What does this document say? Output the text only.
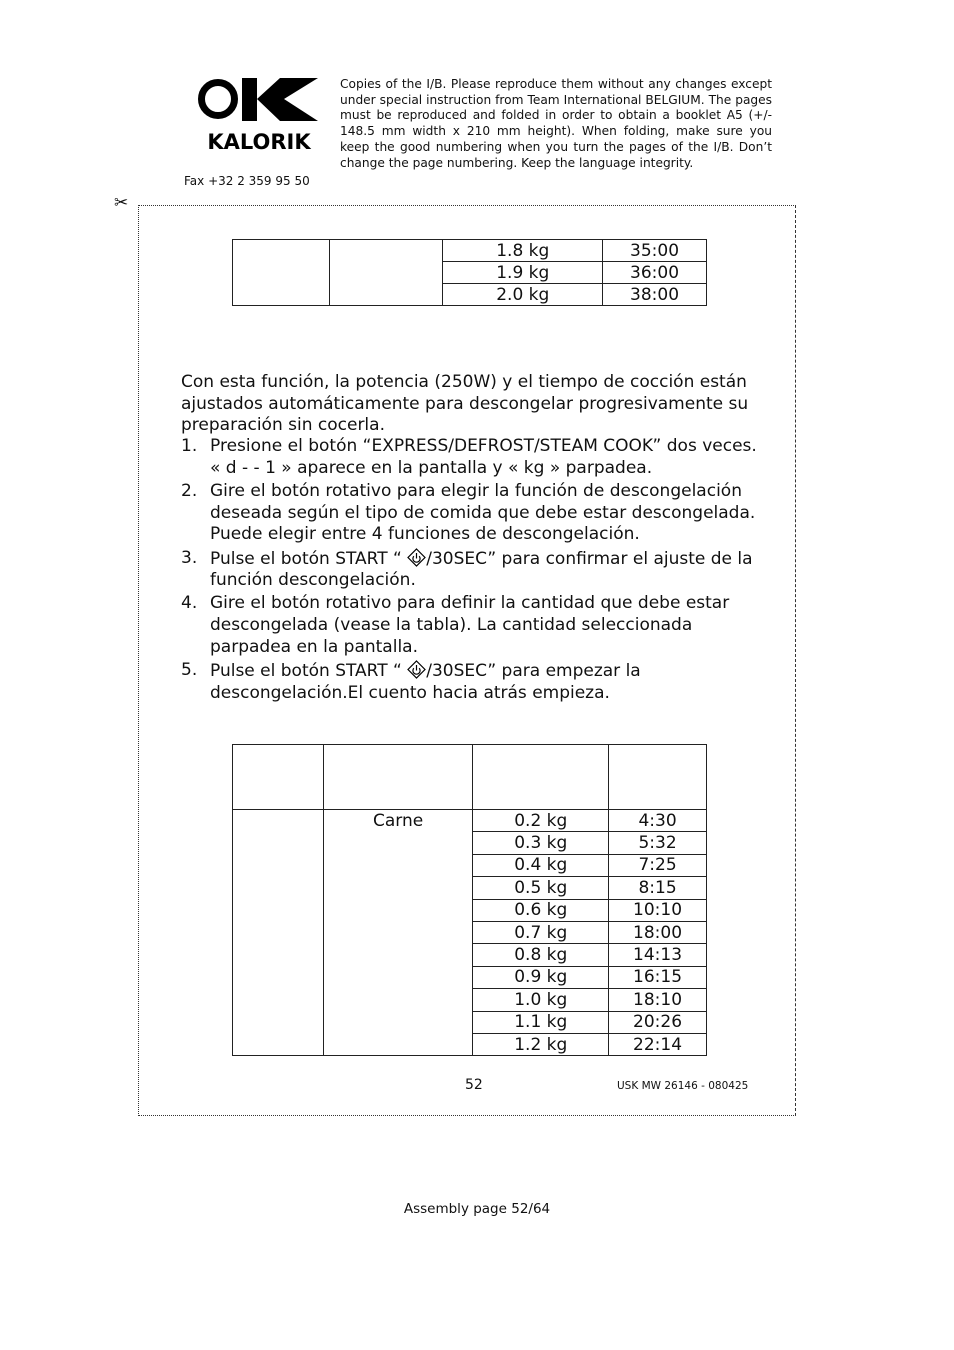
KALORIK
Fax +32 2 359 95 50
Copies of the I/B. Please reproduce them without any changes except under special instruction from Team International BELGIUM. The pages must be reproduced and folded in order to obtain a booklet A5 (+/- 148.5 mm width x 210 mm height). When folding, make sure you keep the good numbering when you turn the pages of the I/B. Don’t change the page numbering. Keep the language integrity.
✂
		1.8 kg	35:00
		1.9 kg	36:00
		2.0 kg	38:00
Con esta función, la potencia (250W) y el tiempo de cocción están ajustados automáticamente para descongelar progresivamente su preparación sin cocerla.
1. Presione el botón “EXPRESS/DEFROST/STEAM COOK” dos veces. « d - - 1 » aparece en la pantalla y « kg » parpadea.
2. Gire el botón rotativo para elegir la función de descongelación deseada según el tipo de comida que debe estar descongelada. Puede elegir entre 4 funciones de descongelación.
3. Pulse el botón START “ /30SEC” para confirmar el ajuste de la función descongelación.
4. Gire el botón rotativo para definir la cantidad que debe estar descongelada (vease la tabla). La cantidad seleccionada parpadea en la pantalla.
5. Pulse el botón START “ /30SEC” para empezar la descongelación.El cuento hacia atrás empieza.

	Carne	0.2 kg	4:30
		0.3 kg	5:32
		0.4 kg	7:25
		0.5 kg	8:15
		0.6 kg	10:10
		0.7 kg	18:00
		0.8 kg	14:13
		0.9 kg	16:15
		1.0 kg	18:10
		1.1 kg	20:26
		1.2 kg	22:14
52	USK MW 26146 - 080425
Assembly page 52/64
